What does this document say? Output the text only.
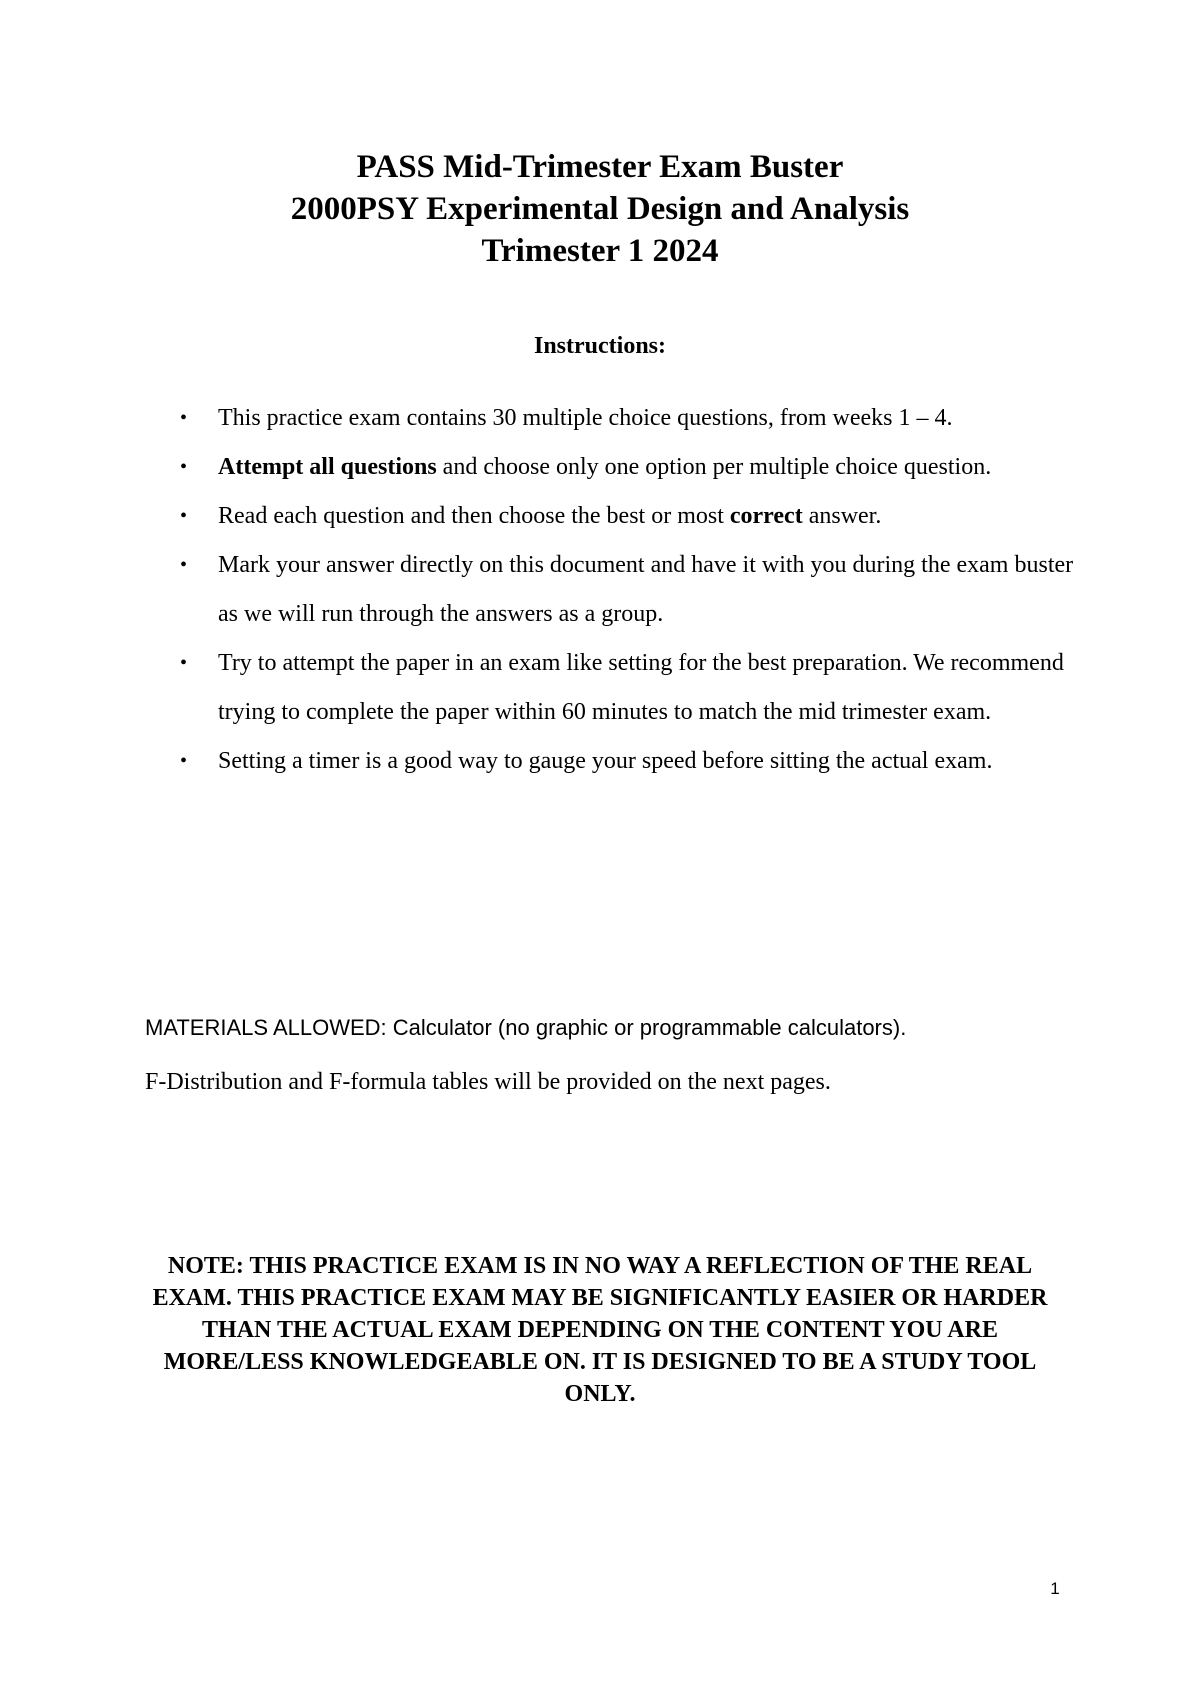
PASS Mid-Trimester Exam Buster
2000PSY Experimental Design and Analysis
Trimester 1 2024
Instructions:
• This practice exam contains 30 multiple choice questions, from weeks 1 – 4.
• Attempt all questions and choose only one option per multiple choice question.
• Read each question and then choose the best or most correct answer.
• Mark your answer directly on this document and have it with you during the exam buster as we will run through the answers as a group.
• Try to attempt the paper in an exam like setting for the best preparation. We recommend trying to complete the paper within 60 minutes to match the mid trimester exam.
• Setting a timer is a good way to gauge your speed before sitting the actual exam.
MATERIALS ALLOWED: Calculator (no graphic or programmable calculators).
F-Distribution and F-formula tables will be provided on the next pages.
NOTE: THIS PRACTICE EXAM IS IN NO WAY A REFLECTION OF THE REAL EXAM. THIS PRACTICE EXAM MAY BE SIGNIFICANTLY EASIER OR HARDER THAN THE ACTUAL EXAM DEPENDING ON THE CONTENT YOU ARE MORE/LESS KNOWLEDGEABLE ON. IT IS DESIGNED TO BE A STUDY TOOL ONLY.
1
